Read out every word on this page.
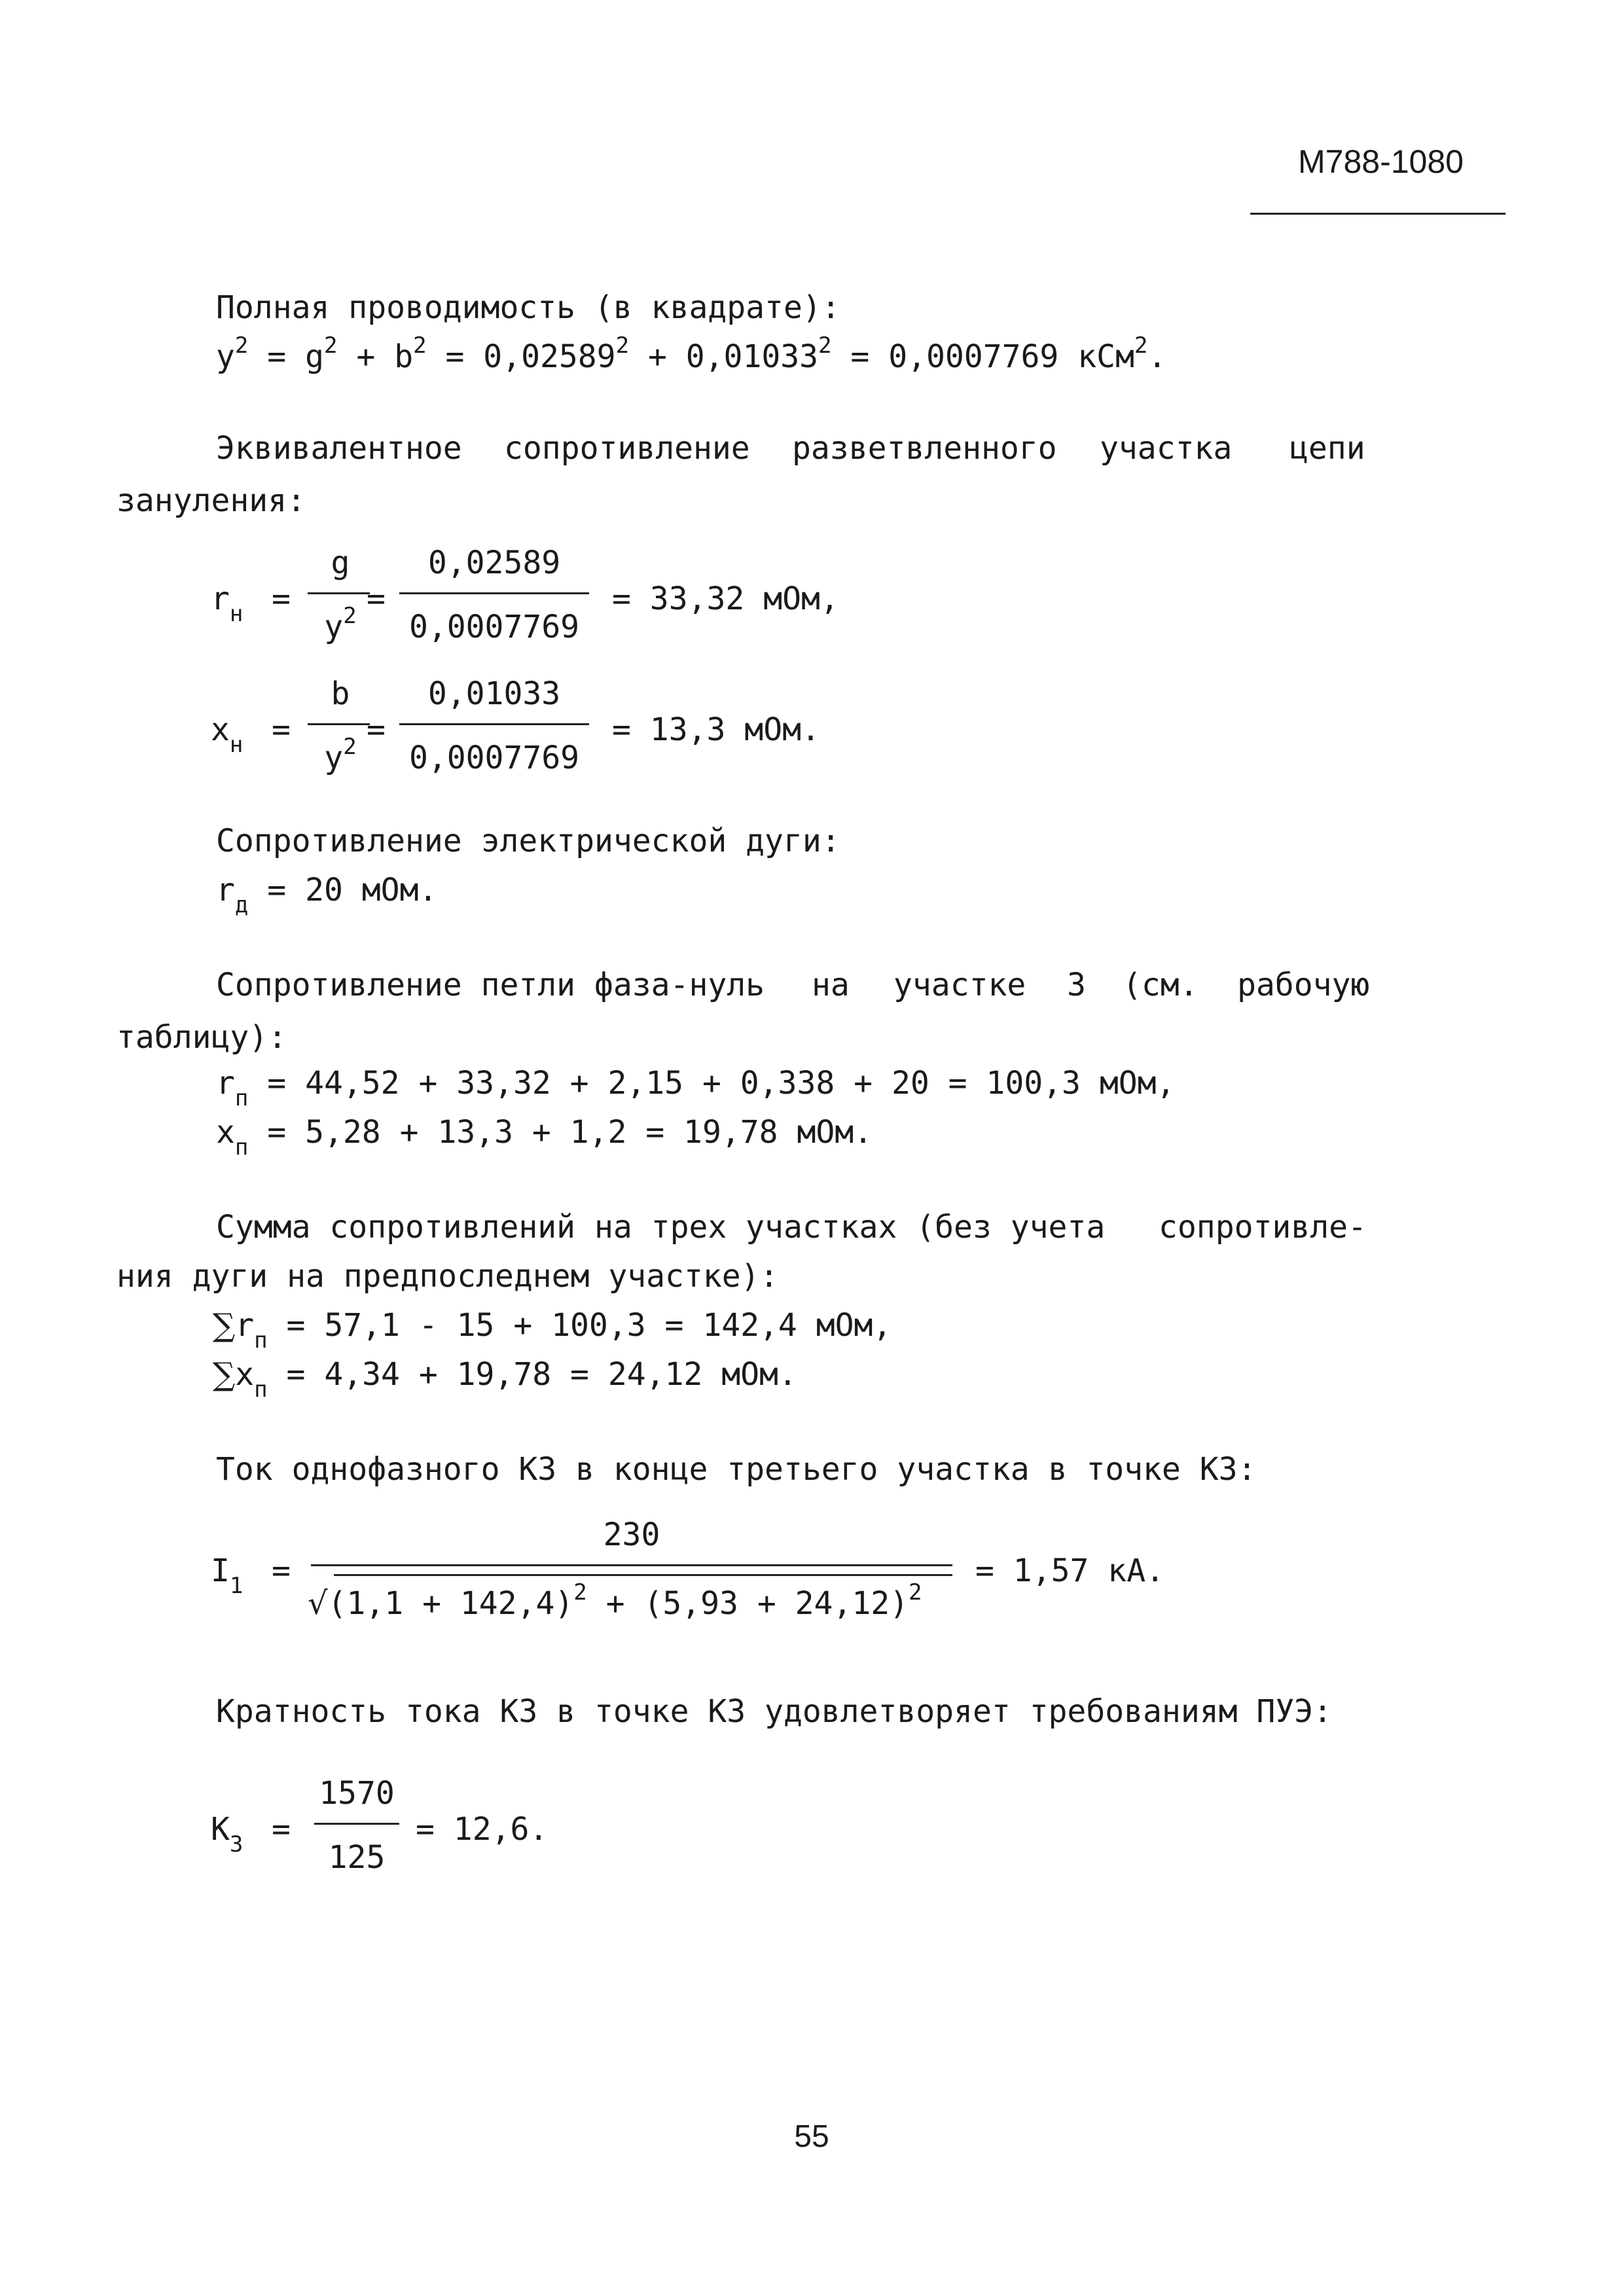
М788-1080
Полная проводимость (в квадрате):
$y^2 = g^2 + b^2 = 0,02589^2 + 0,01033^2 = 0,0007769$ кСм$^2$.
Эквивалентное сопротивление разветвленного участка цепи
зануления:
$r_н$ =
g
$y^2$ =
0,02589
0,0007769
= 33,32 мОм,
$x_н$ =
b
$y^2$ =
0,01033
0,0007769
= 13,3 мОм.
Сопротивление электрической дуги:
$r_д = 20$ мОм.
Сопротивление петли фаза-нуль на участке 3 (см. рабочую
таблицу):
$r_п = 44,52 + 33,32 + 2,15 + 0,338 + 20 = 100,3$ мОм,
$x_п = 5,28 + 13,3 + 1,2 = 19,78$ мОм.
Сумма сопротивлений на трех участках (без учета сопротивле-
ния дуги на предпоследнем участке):
$\sum r_п = 57,1 - 15 + 100,3 = 142,4$ мОм,
$\sum x_п = 4,34 + 19,78 = 24,12$ мОм.
Ток однофазного КЗ в конце третьего участка в точке КЗ:
$I_1$ =
230
$√(1,1 + 142,4)^2 + (5,93 + 24,12)^2$
= 1,57 кА.
Кратность тока КЗ в точке КЗ удовлетворяет требованиям ПУЭ:
$К_З$ =
1570
125
= 12,6.
55
